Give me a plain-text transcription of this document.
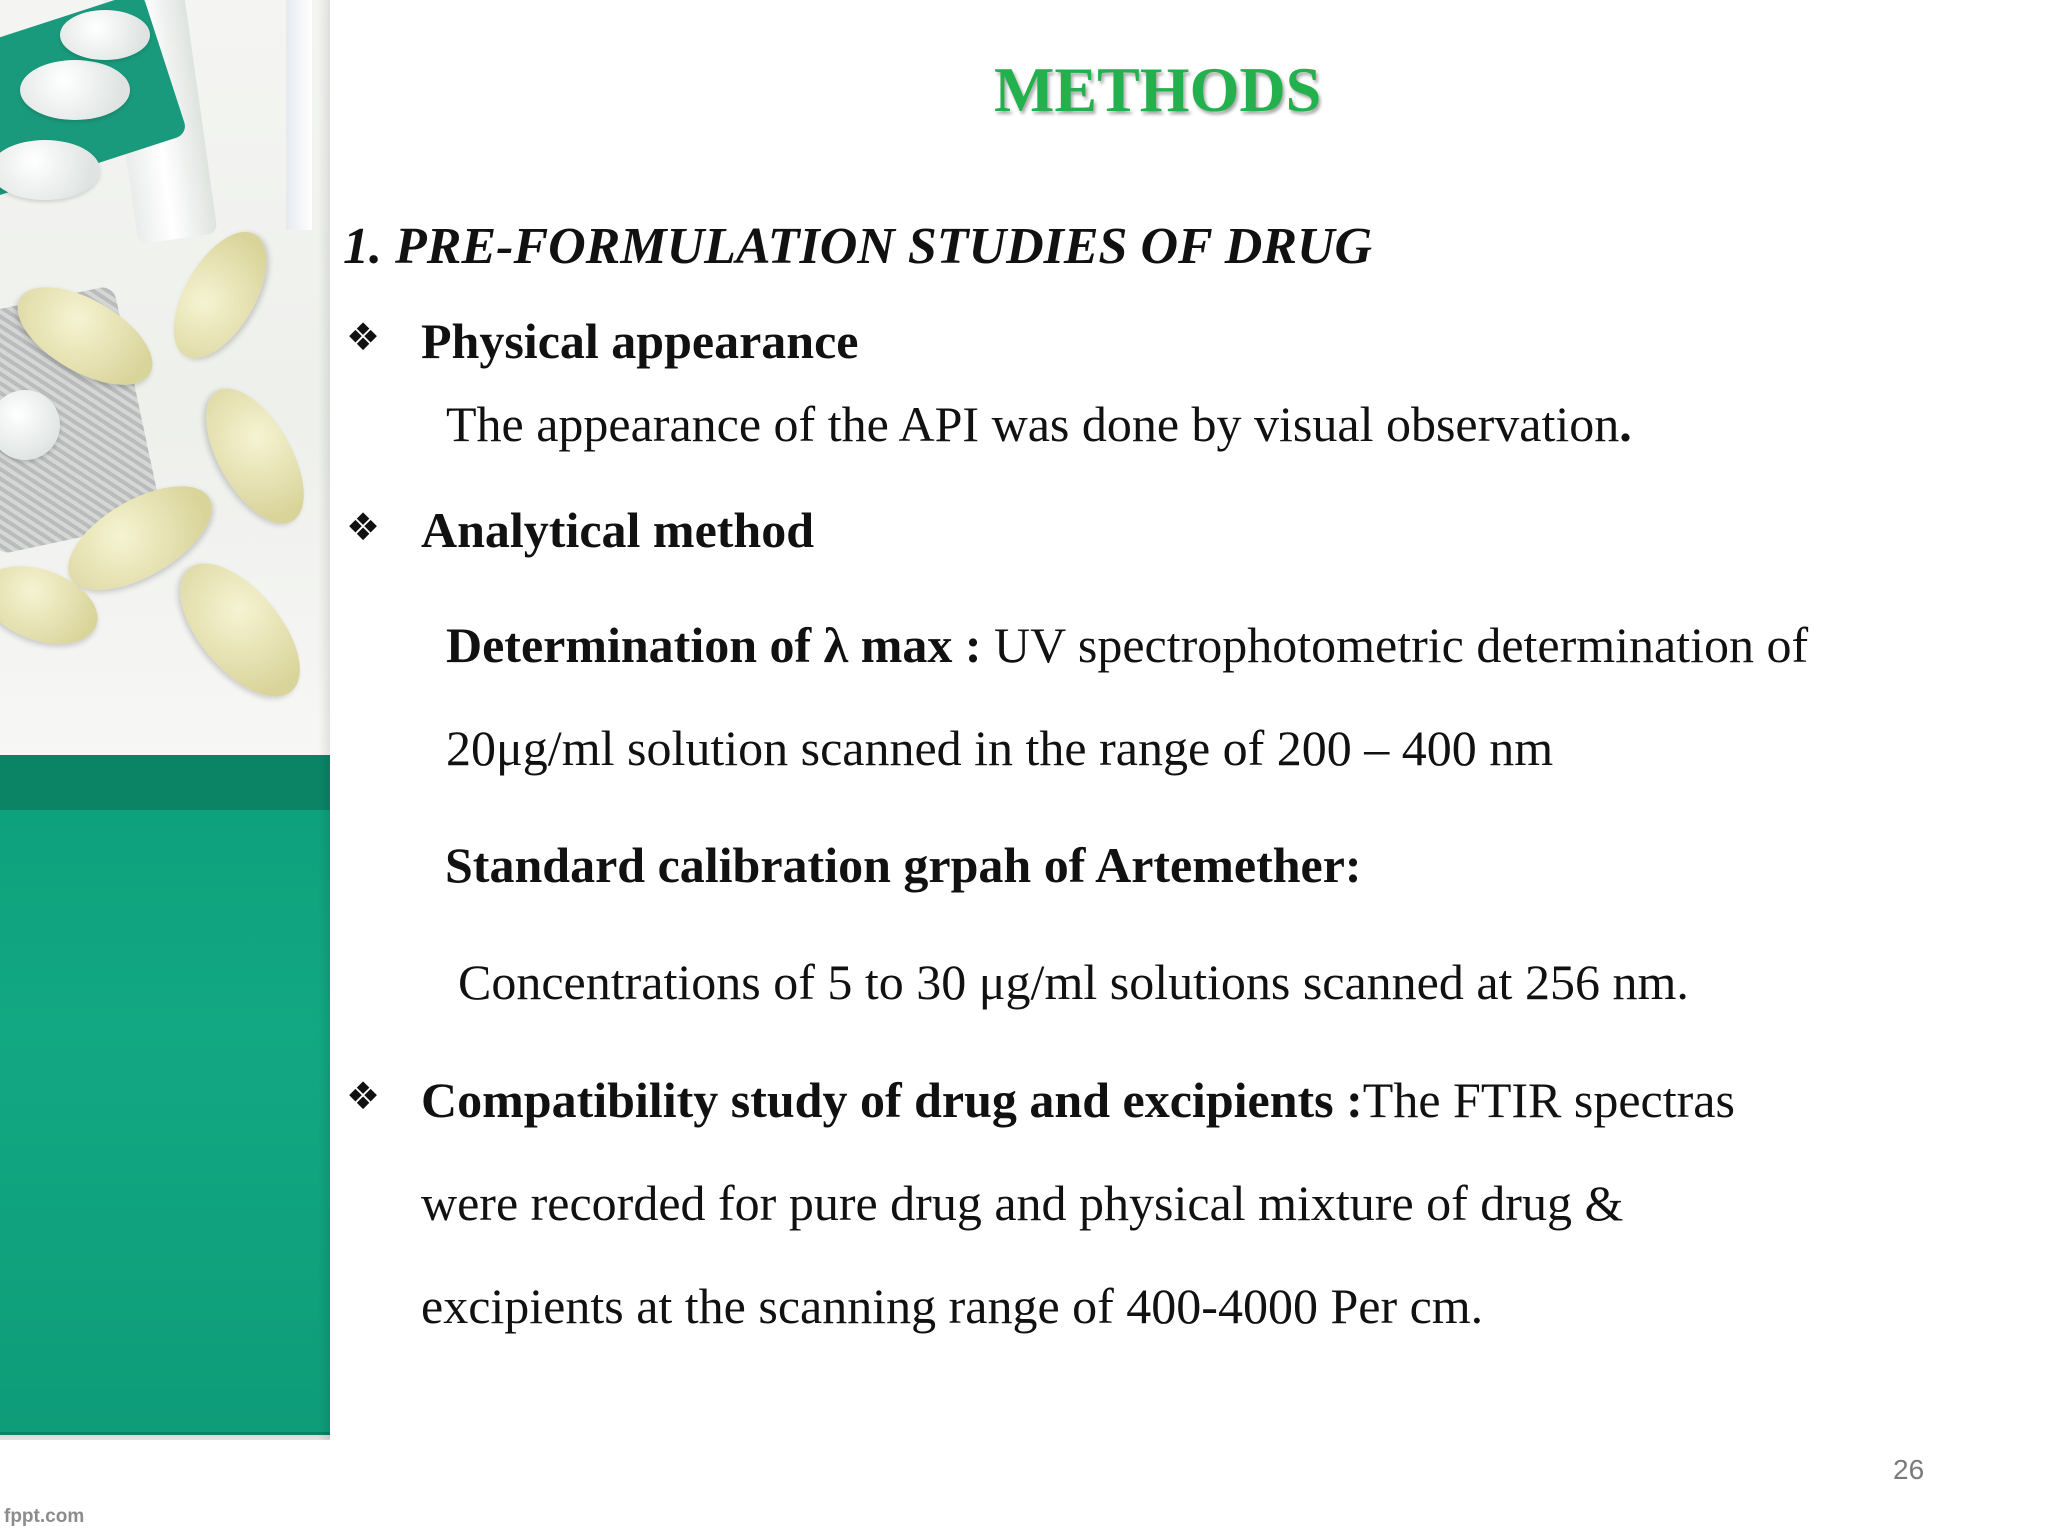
fppt.com
METHODS
1. PRE-FORMULATION STUDIES OF DRUG
❖ Physical appearance
The appearance of the API was done by visual observation.
❖ Analytical method
Determination of λ max : UV spectrophotometric determination of
20μg/ml solution scanned in the range of 200 – 400 nm
Standard calibration grpah of Artemether:
Concentrations of 5 to 30 μg/ml solutions scanned at 256 nm.
❖ Compatibility study of drug and excipients :The FTIR spectras
were recorded for pure drug and physical mixture of drug &
excipients at the scanning range of 400-4000 Per cm.
26
